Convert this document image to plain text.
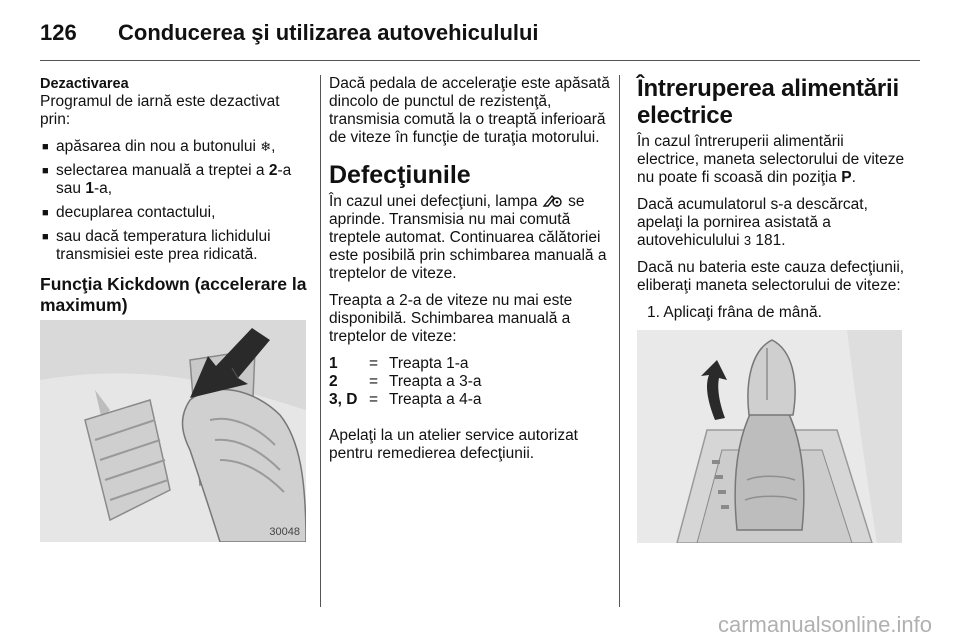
126 Conducerea şi utilizarea autovehiculului

Dezactivarea
Programul de iarnă este dezactivat prin:

■ apăsarea din nou a butonului ❄,
■ selectarea manuală a treptei a 2-a sau 1-a,
■ decuplarea contactului,
■ sau dacă temperatura lichidului transmisiei este prea ridicată.
Funcţia Kickdown (accelerare la maximum)
30048

Dacă pedala de acceleraţie este apăsată dincolo de punctul de rezistenţă, transmisia comută la o treaptă inferioară de viteze în funcţie de turaţia motorului.

Defecţiunile

În cazul unei defecţiuni, lampa se aprinde. Transmisia nu mai comută treptele automat. Continuarea călătoriei este posibilă prin schimbarea manuală a treptelor de viteze.

Treapta a 2-a de viteze nu mai este disponibilă. Schimbarea manuală a treptelor de viteze:

1	=	Treapta 1-a
2	=	Treapta a 3-a
3, D	=	Treapta a 4-a

Apelaţi la un atelier service autorizat pentru remedierea defecţiunii.

Întreruperea alimentării
electrice

În cazul întreruperii alimentării electrice, maneta selectorului de viteze nu poate fi scoasă din poziţia P.

Dacă acumulatorul s-a descărcat, apelaţi la pornirea asistată a autovehiculului 3 181.

Dacă nu bateria este cauza defecţiunii, eliberaţi maneta selectorului de viteze:

1. Aplicaţi frâna de mână.
carmanualsonline.info
